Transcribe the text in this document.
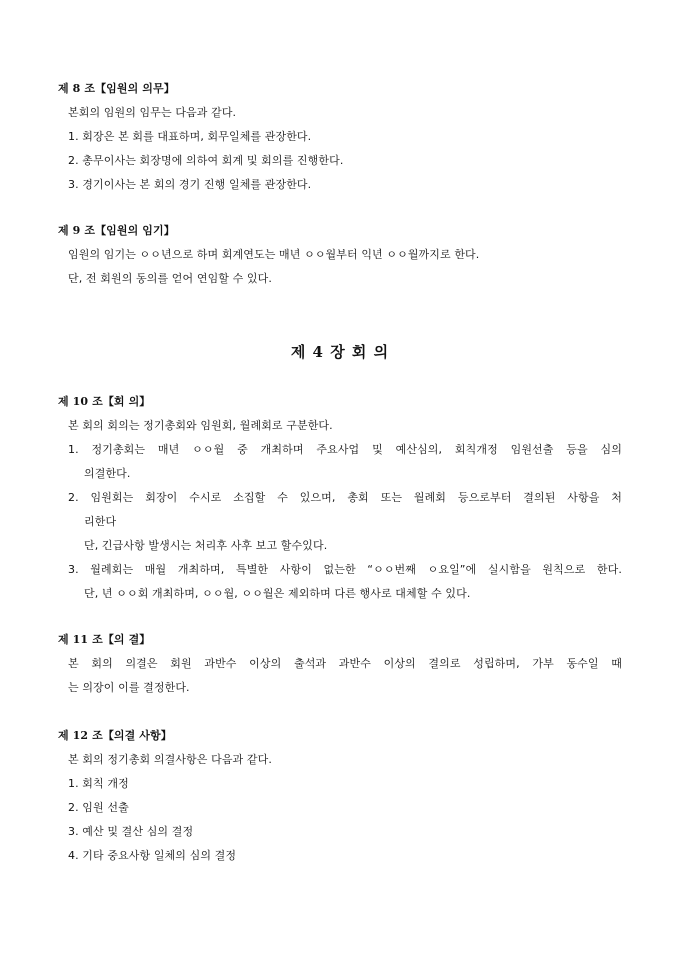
제 8 조【임원의 의무】
본회의 임원의 임무는 다음과 같다.
1. 회장은 본 회를 대표하며, 회무일체를 관장한다.
2. 총무이사는 회장명에 의하여 회계 및 회의를 진행한다.
3. 경기이사는 본 회의 경기 진행 일체를 관장한다.
제 9 조【임원의 임기】
임원의 임기는 ㅇㅇ년으로 하며 회계연도는 매년 ㅇㅇ월부터 익년 ㅇㅇ월까지로 한다.
단, 전 회원의 동의를 얻어 연임할 수 있다.
제 4 장 회 의
제 10 조【회 의】
본 회의 회의는 정기총회와 임원회, 월례회로 구분한다.
1. 정기총회는 매년 ㅇㅇ월 중 개최하며 주요사업 및 예산심의, 회칙개정 임원선출 등을 심의
의결한다.
2. 임원회는 회장이 수시로 소집할 수 있으며, 총회 또는 월례회 등으로부터 결의된 사항을 처
리한다
단, 긴급사항 발생시는 처리후 사후 보고 할수있다.
3. 월례회는 매월 개최하며, 특별한 사항이 없는한 “ㅇㅇ번째 ㅇ요일”에 실시함을 원칙으로 한다.
단, 년 ㅇㅇ회 개최하며, ㅇㅇ월, ㅇㅇ월은 제외하며 다른 행사로 대체할 수 있다.
제 11 조【의 결】
본 회의 의결은 회원 과반수 이상의 출석과 과반수 이상의 결의로 성립하며, 가부 동수일 때
는 의장이 이를 결정한다.
제 12 조【의결 사항】
본 회의 정기총회 의결사항은 다음과 같다.
1. 회칙 개정
2. 임원 선출
3. 예산 및 결산 심의 결정
4. 기타 중요사항 일체의 심의 결정
